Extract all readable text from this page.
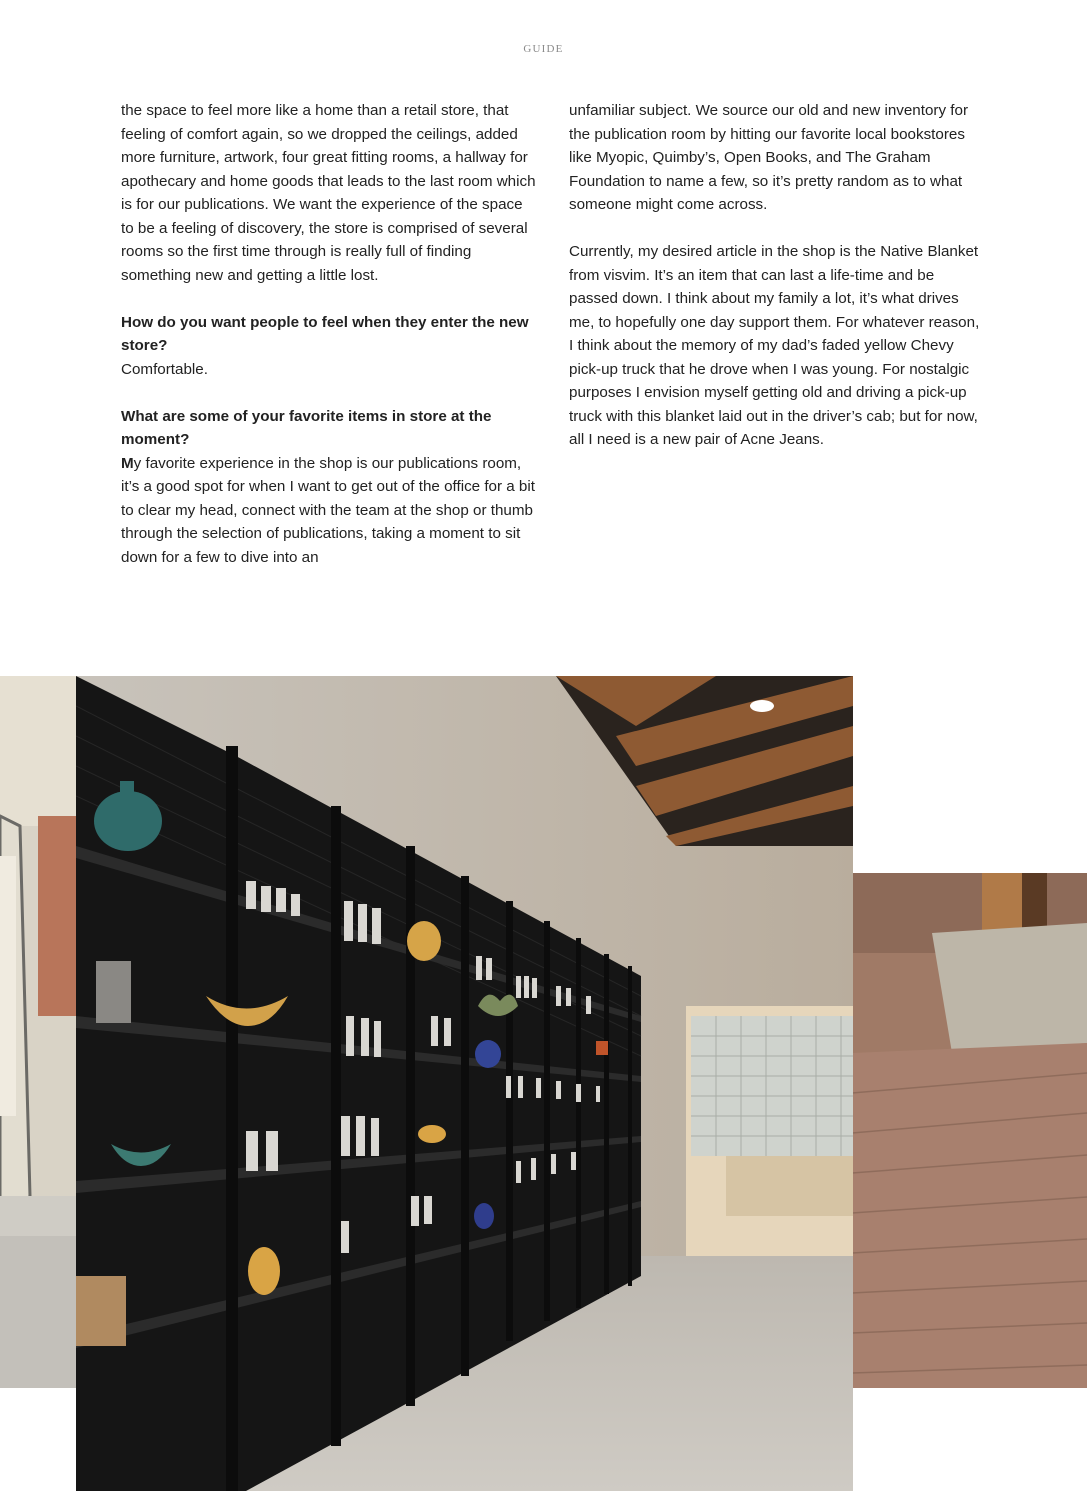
GUIDE

the space to feel more like a home than a retail store, that feeling of comfort again, so we dropped the ceilings, added more furniture, artwork, four great fitting rooms, a hallway for apothecary and home goods that leads to the last room which is for our publications. We want the experience of the space to be a feeling of discovery, the store is comprised of several rooms so the first time through is really full of finding something new and getting a little lost.

How do you want people to feel when they enter the new store?
Comfortable.

What are some of your favorite items in store at the moment?
My favorite experience in the shop is our publications room, it’s a good spot for when I want to get out of the office for a bit to clear my head, connect with the team at the shop or thumb through the selection of publications, taking a moment to sit down for a few to dive into an

unfamiliar subject. We source our old and new inventory for the publication room by hitting our favorite local bookstores like Myopic, Quimby’s, Open Books, and The Graham Foundation to name a few, so it’s pretty random as to what someone might come across.

Currently, my desired article in the shop is the Native Blanket from visvim. It’s an item that can last a life-time and be passed down. I think about my family a lot, it’s what drives me, to hopefully one day support them. For whatever reason, I think about the memory of my dad’s faded yellow Chevy pick-up truck that he drove when I was young. For nostalgic purposes I envision myself getting old and driving a pick-up truck with this blanket laid out in the driver’s cab; but for now, all I need is a new pair of Acne Jeans.
